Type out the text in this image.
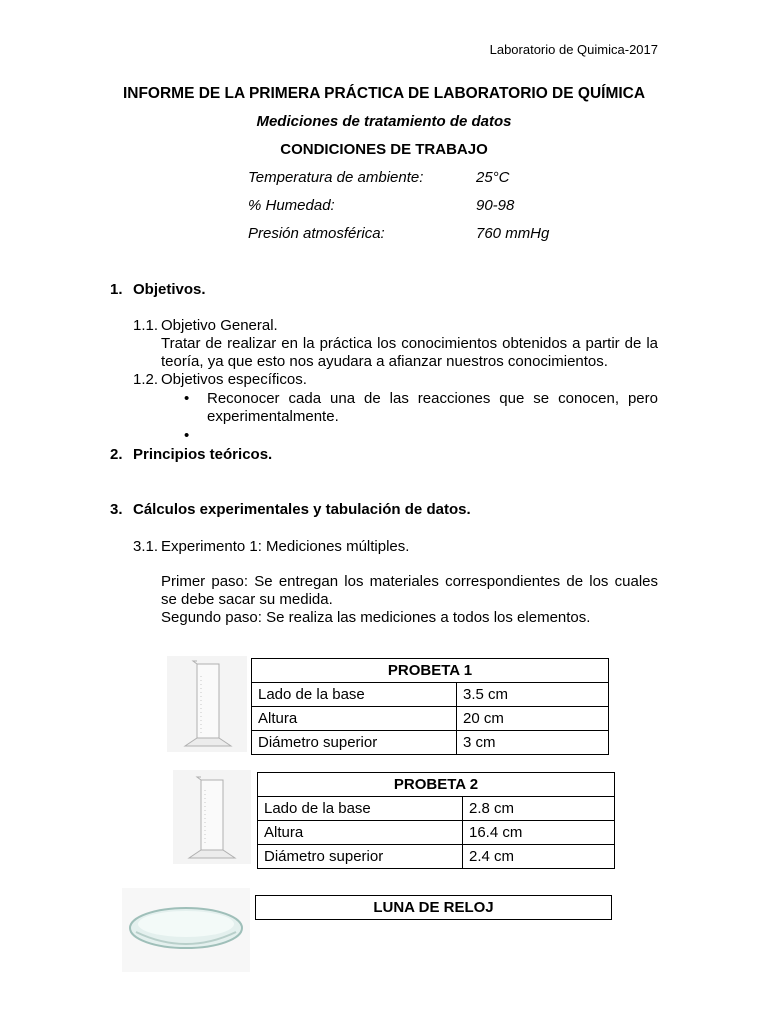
Laboratorio de Quimica-2017
INFORME DE LA PRIMERA PRÁCTICA DE LABORATORIO DE QUÍMICA
Mediciones de tratamiento de datos
CONDICIONES DE TRABAJO
Temperatura de ambiente:	25°C
% Humedad:	90-98
Presión atmosférica:	760 mmHg
1. Objetivos.
1.1. Objetivo General.
Tratar de realizar en la práctica los conocimientos obtenidos a partir de la teoría, ya que esto nos ayudara a afianzar nuestros conocimientos.
1.2. Objetivos específicos.
• Reconocer cada una de las reacciones que se conocen, pero experimentalmente.
•
2. Principios teóricos.
3. Cálculos experimentales y tabulación de datos.
3.1. Experimento 1: Mediciones múltiples.
Primer paso: Se entregan los materiales correspondientes de los cuales se debe sacar su medida.
Segundo paso: Se realiza las mediciones a todos los elementos.
PROBETA 1	
Lado de la base	3.5 cm
Altura	20 cm
Diámetro superior	3 cm
PROBETA 2	
Lado de la base	2.8 cm
Altura	16.4 cm
Diámetro superior	2.4 cm
LUNA DE RELOJ
